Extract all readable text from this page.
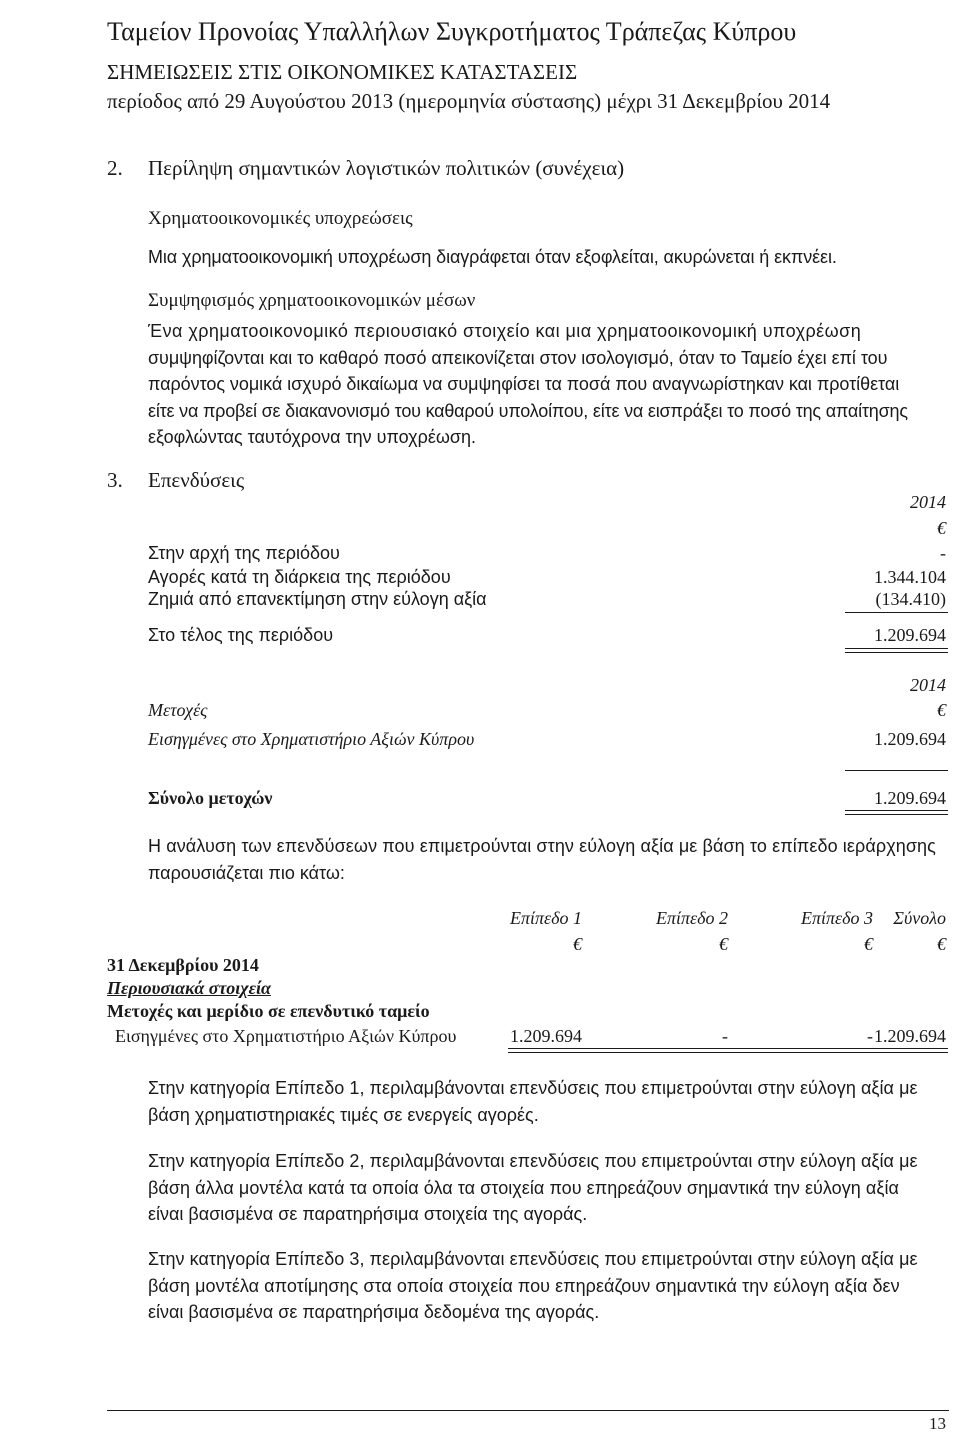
Ταμείον Προνοίας Υπαλλήλων Συγκροτήματος Τράπεζας Κύπρου
ΣΗΜΕΙΩΣΕΙΣ ΣΤΙΣ ΟΙΚΟΝΟΜΙΚΕΣ ΚΑΤΑΣΤΑΣΕΙΣ
περίοδος από 29 Αυγούστου 2013 (ημερομηνία σύστασης) μέχρι 31 Δεκεμβρίου 2014
2. Περίληψη σημαντικών λογιστικών πολιτικών (συνέχεια)
Χρηματοοικονομικές υποχρεώσεις
Μια χρηματοοικονομική υποχρέωση διαγράφεται όταν εξοφλείται, ακυρώνεται ή εκπνέει.
Συμψηφισμός χρηματοοικονομικών μέσων
Ένα χρηματοοικονομικό περιουσιακό στοιχείο και μια χρηματοοικονομική υποχρέωση
συμψηφίζονται και το καθαρό ποσό απεικονίζεται στον ισολογισμό, όταν το Ταμείο έχει επί του
παρόντος νομικά ισχυρό δικαίωμα να συμψηφίσει τα ποσά που αναγνωρίστηκαν και προτίθεται
είτε να προβεί σε διακανονισμό του καθαρού υπολοίπου, είτε να εισπράξει το ποσό της απαίτησης
εξοφλώντας ταυτόχρονα την υποχρέωση.
3. Επενδύσεις
2014
€
Στην αρχή της περιόδου	-
Αγορές κατά τη διάρκεια της περιόδου	1.344.104
Ζημιά από επανεκτίμηση στην εύλογη αξία	(134.410)
Στο τέλος της περιόδου	1.209.694
2014
€
Μετοχές
Εισηγμένες στο Χρηματιστήριο Αξιών Κύπρου	1.209.694
Σύνολο μετοχών	1.209.694
Η ανάλυση των επενδύσεων που επιμετρούνται στην εύλογη αξία με βάση το επίπεδο ιεράρχησης
παρουσιάζεται πιο κάτω:
Επίπεδο 1	Επίπεδο 2	Επίπεδο 3 Σύνολο
€	€	€	€
31 Δεκεμβρίου 2014
Περιουσιακά στοιχεία
Μετοχές και μερίδιο σε επενδυτικό ταμείο
Εισηγμένες στο Χρηματιστήριο Αξιών Κύπρου	1.209.694	-	- 1.209.694
Στην κατηγορία Επίπεδο 1, περιλαμβάνονται επενδύσεις που επιμετρούνται στην εύλογη αξία με
βάση χρηματιστηριακές τιμές σε ενεργείς αγορές.
Στην κατηγορία Επίπεδο 2, περιλαμβάνονται επενδύσεις που επιμετρούνται στην εύλογη αξία με
βάση άλλα μοντέλα κατά τα οποία όλα τα στοιχεία που επηρεάζουν σημαντικά την εύλογη αξία
είναι βασισμένα σε παρατηρήσιμα στοιχεία της αγοράς.
Στην κατηγορία Επίπεδο 3, περιλαμβάνονται επενδύσεις που επιμετρούνται στην εύλογη αξία με
βάση μοντέλα αποτίμησης στα οποία στοιχεία που επηρεάζουν σημαντικά την εύλογη αξία δεν
είναι βασισμένα σε παρατηρήσιμα δεδομένα της αγοράς.
13
